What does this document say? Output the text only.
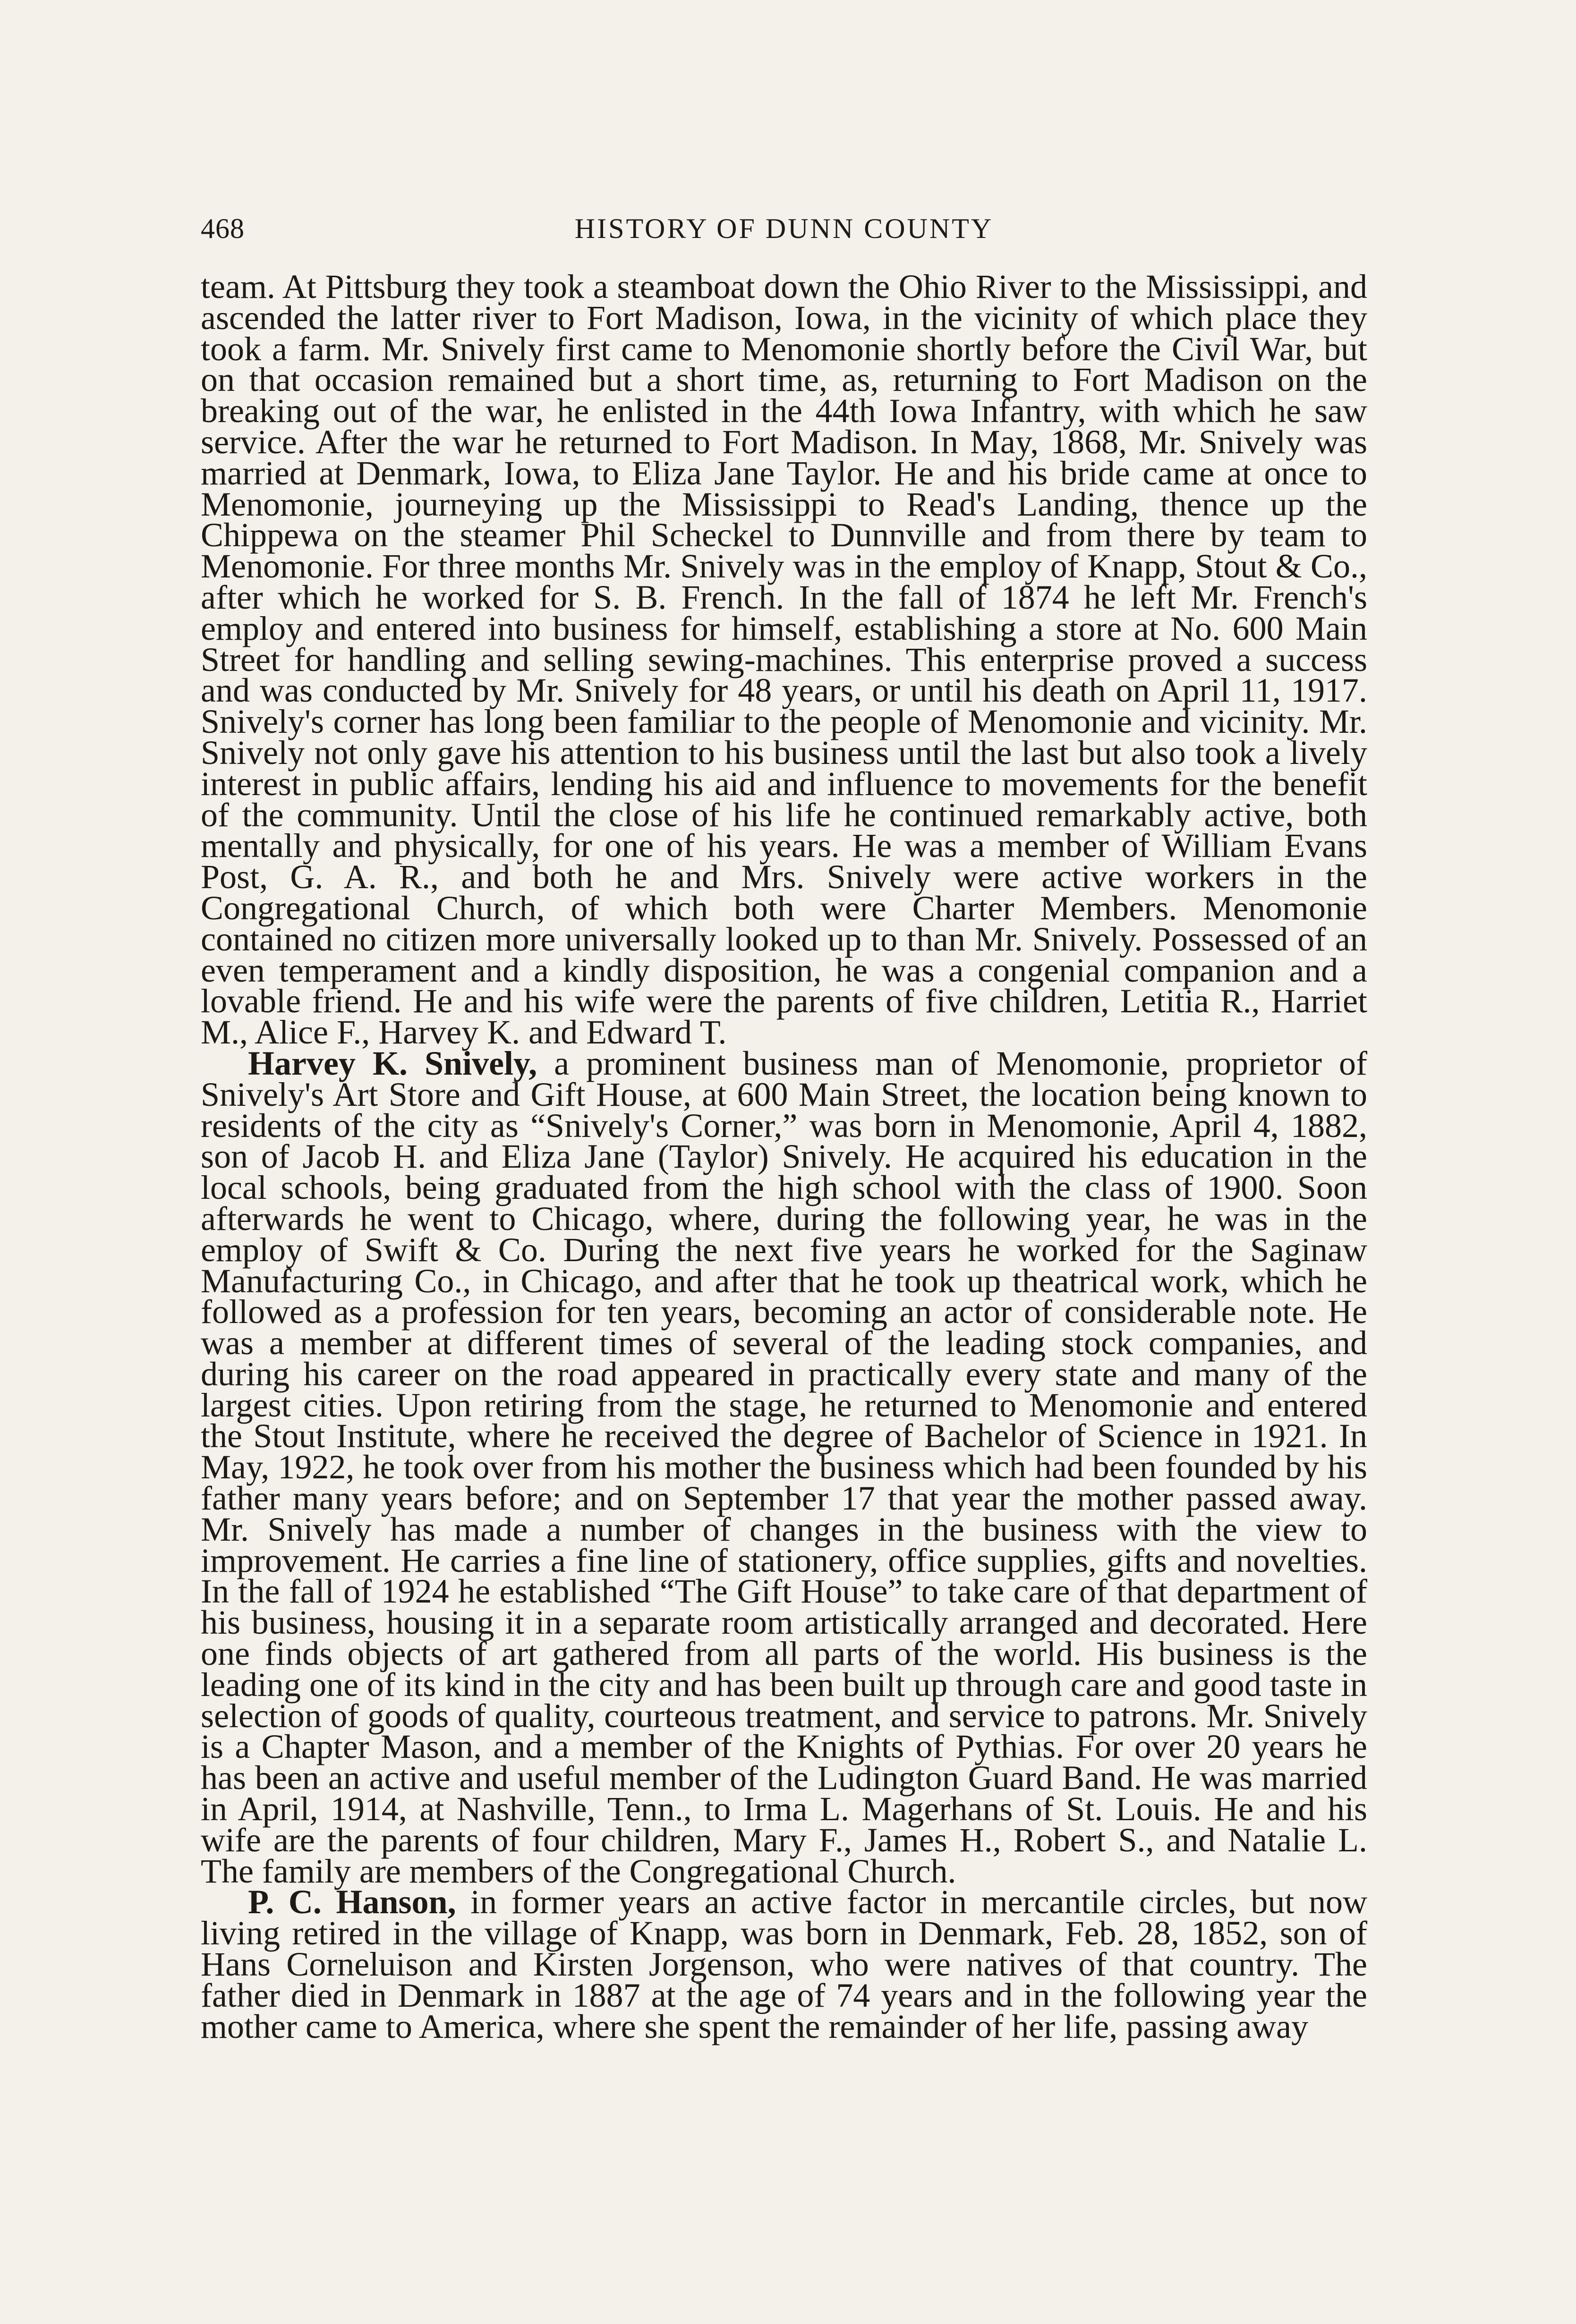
468	HISTORY OF DUNN COUNTY

team. At Pittsburg they took a steamboat down the Ohio River to the Mississippi, and ascended the latter river to Fort Madison, Iowa, in the vicinity of which place they took a farm. Mr. Snively first came to Menomonie shortly before the Civil War, but on that occasion remained but a short time, as, returning to Fort Madison on the breaking out of the war, he enlisted in the 44th Iowa Infantry, with which he saw service. After the war he returned to Fort Madison. In May, 1868, Mr. Snively was married at Denmark, Iowa, to Eliza Jane Taylor. He and his bride came at once to Menomonie, journeying up the Mississippi to Read's Landing, thence up the Chippewa on the steamer Phil Scheckel to Dunnville and from there by team to Menomonie. For three months Mr. Snively was in the employ of Knapp, Stout & Co., after which he worked for S. B. French. In the fall of 1874 he left Mr. French's employ and entered into business for himself, establishing a store at No. 600 Main Street for handling and selling sewing-machines. This enterprise proved a success and was conducted by Mr. Snively for 48 years, or until his death on April 11, 1917. Snively's corner has long been familiar to the people of Menomonie and vicinity. Mr. Snively not only gave his attention to his business until the last but also took a lively interest in public affairs, lending his aid and influence to movements for the benefit of the community. Until the close of his life he continued remarkably active, both mentally and physically, for one of his years. He was a member of William Evans Post, G. A. R., and both he and Mrs. Snively were active workers in the Congregational Church, of which both were Charter Members. Menomonie contained no citizen more universally looked up to than Mr. Snively. Possessed of an even temperament and a kindly disposition, he was a congenial companion and a lovable friend. He and his wife were the parents of five children, Letitia R., Harriet M., Alice F., Harvey K. and Edward T.

Harvey K. Snively, a prominent business man of Menomonie, proprietor of Snively's Art Store and Gift House, at 600 Main Street, the location being known to residents of the city as “Snively's Corner,” was born in Menomonie, April 4, 1882, son of Jacob H. and Eliza Jane (Taylor) Snively. He acquired his education in the local schools, being graduated from the high school with the class of 1900. Soon afterwards he went to Chicago, where, during the following year, he was in the employ of Swift & Co. During the next five years he worked for the Saginaw Manufacturing Co., in Chicago, and after that he took up theatrical work, which he followed as a profession for ten years, becoming an actor of considerable note. He was a member at different times of several of the leading stock companies, and during his career on the road appeared in practically every state and many of the largest cities. Upon retiring from the stage, he returned to Menomonie and entered the Stout Institute, where he received the degree of Bachelor of Science in 1921. In May, 1922, he took over from his mother the business which had been founded by his father many years before; and on September 17 that year the mother passed away. Mr. Snively has made a number of changes in the business with the view to improvement. He carries a fine line of stationery, office supplies, gifts and novelties. In the fall of 1924 he established “The Gift House” to take care of that department of his business, housing it in a separate room artistically arranged and decorated. Here one finds objects of art gathered from all parts of the world. His business is the leading one of its kind in the city and has been built up through care and good taste in selection of goods of quality, courteous treatment, and service to patrons. Mr. Snively is a Chapter Mason, and a member of the Knights of Pythias. For over 20 years he has been an active and useful member of the Ludington Guard Band. He was married in April, 1914, at Nashville, Tenn., to Irma L. Magerhans of St. Louis. He and his wife are the parents of four children, Mary F., James H., Robert S., and Natalie L. The family are members of the Congregational Church.

P. C. Hanson, in former years an active factor in mercantile circles, but now living retired in the village of Knapp, was born in Denmark, Feb. 28, 1852, son of Hans Corneluison and Kirsten Jorgenson, who were natives of that country. The father died in Denmark in 1887 at the age of 74 years and in the following year the mother came to America, where she spent the remainder of her life, passing away
